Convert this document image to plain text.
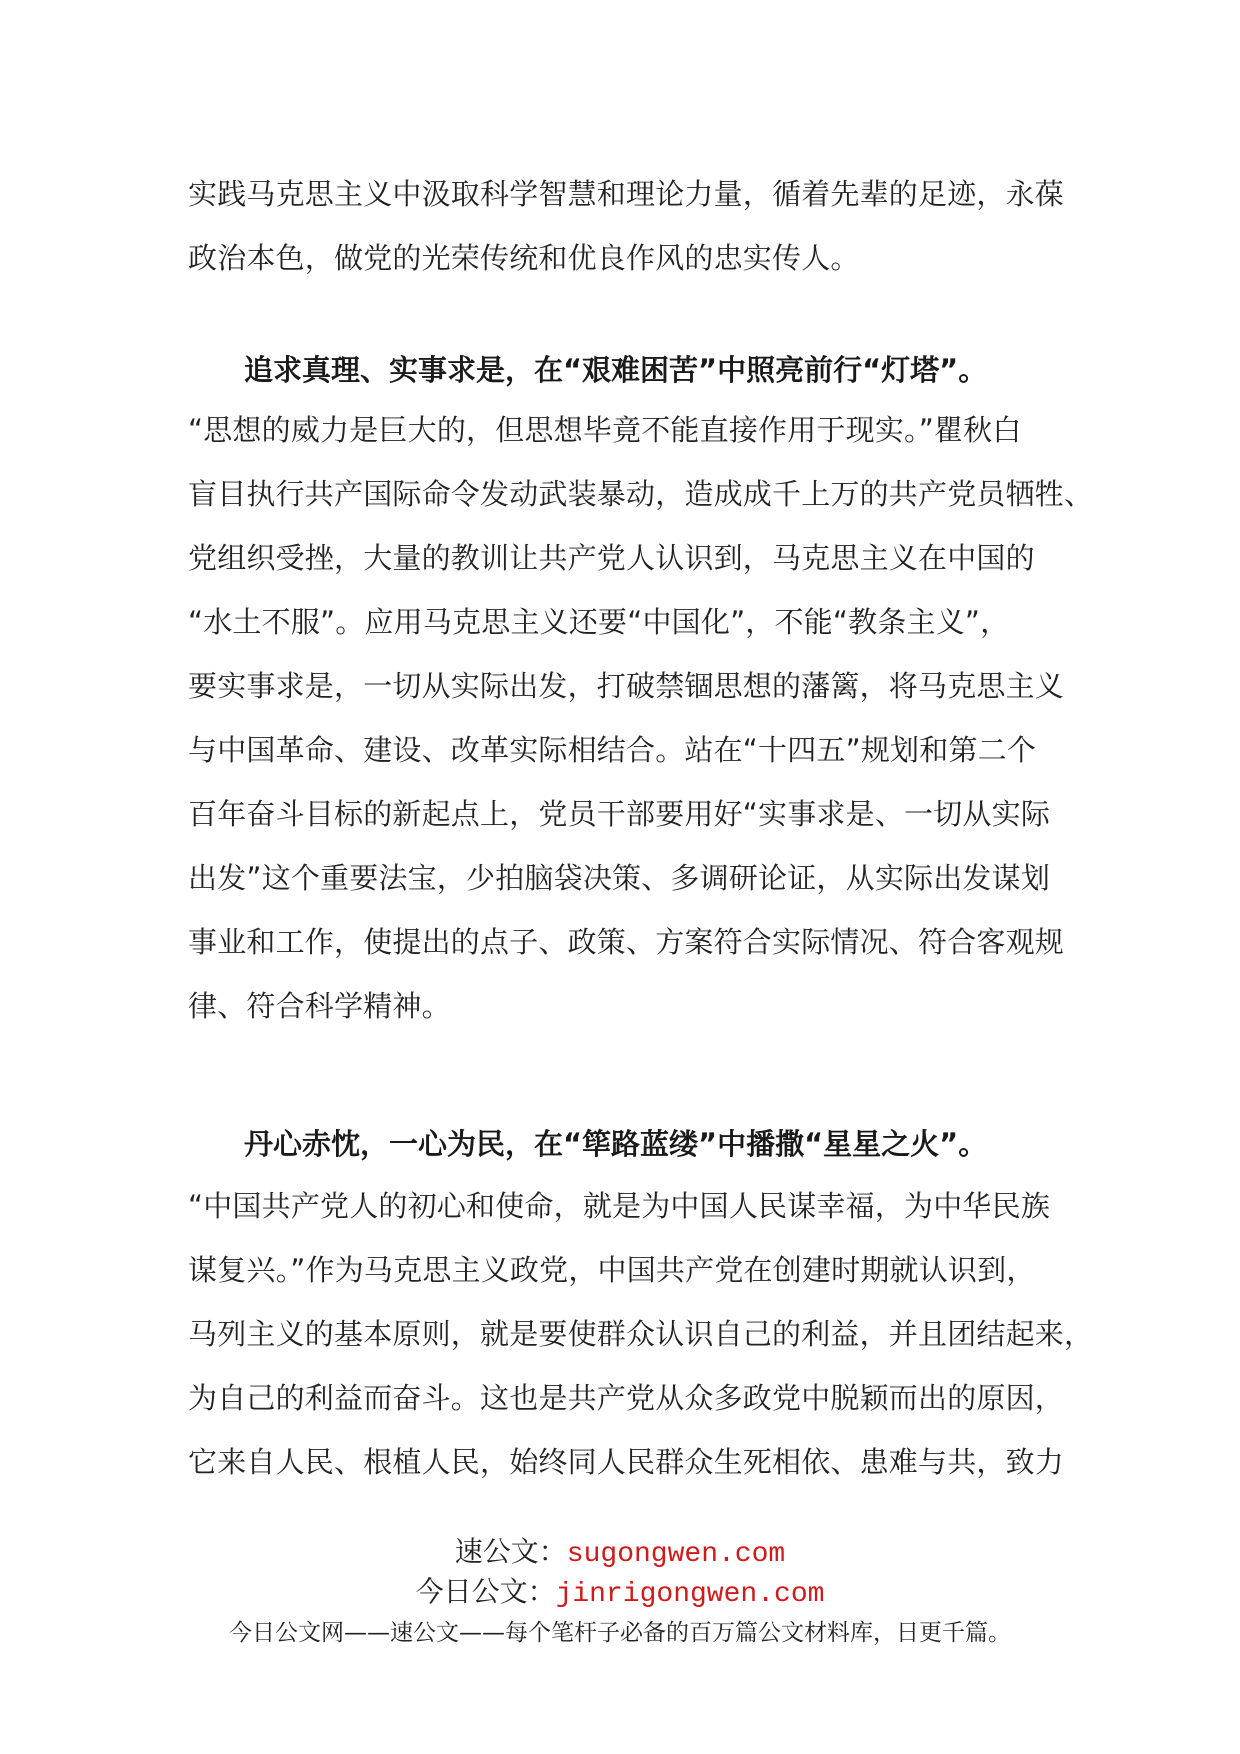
实践马克思主义中汲取科学智慧和理论力量，循着先辈的足迹，永葆
政治本色，做党的光荣传统和优良作风的忠实传人。
追求真理、实事求是，在“艰难困苦”中照亮前行“灯塔”。
“思想的威力是巨大的，但思想毕竟不能直接作用于现实。”瞿秋白
盲目执行共产国际命令发动武装暴动，造成成千上万的共产党员牺牲、
党组织受挫，大量的教训让共产党人认识到，马克思主义在中国的
“水土不服”。应用马克思主义还要“中国化”，不能“教条主义”，
要实事求是，一切从实际出发，打破禁锢思想的藩篱，将马克思主义
与中国革命、建设、改革实际相结合。站在“十四五”规划和第二个
百年奋斗目标的新起点上，党员干部要用好“实事求是、一切从实际
出发”这个重要法宝，少拍脑袋决策、多调研论证，从实际出发谋划
事业和工作，使提出的点子、政策、方案符合实际情况、符合客观规
律、符合科学精神。
丹心赤忱，一心为民，在“筚路蓝缕”中播撒“星星之火”。
“中国共产党人的初心和使命，就是为中国人民谋幸福，为中华民族
谋复兴。”作为马克思主义政党，中国共产党在创建时期就认识到，
马列主义的基本原则，就是要使群众认识自己的利益，并且团结起来，
为自己的利益而奋斗。这也是共产党从众多政党中脱颖而出的原因，
它来自人民、根植人民，始终同人民群众生死相依、患难与共，致力
速公文：sugongwen.com
今日公文：jinrigongwen.com
今日公文网——速公文——每个笔杆子必备的百万篇公文材料库，日更千篇。
